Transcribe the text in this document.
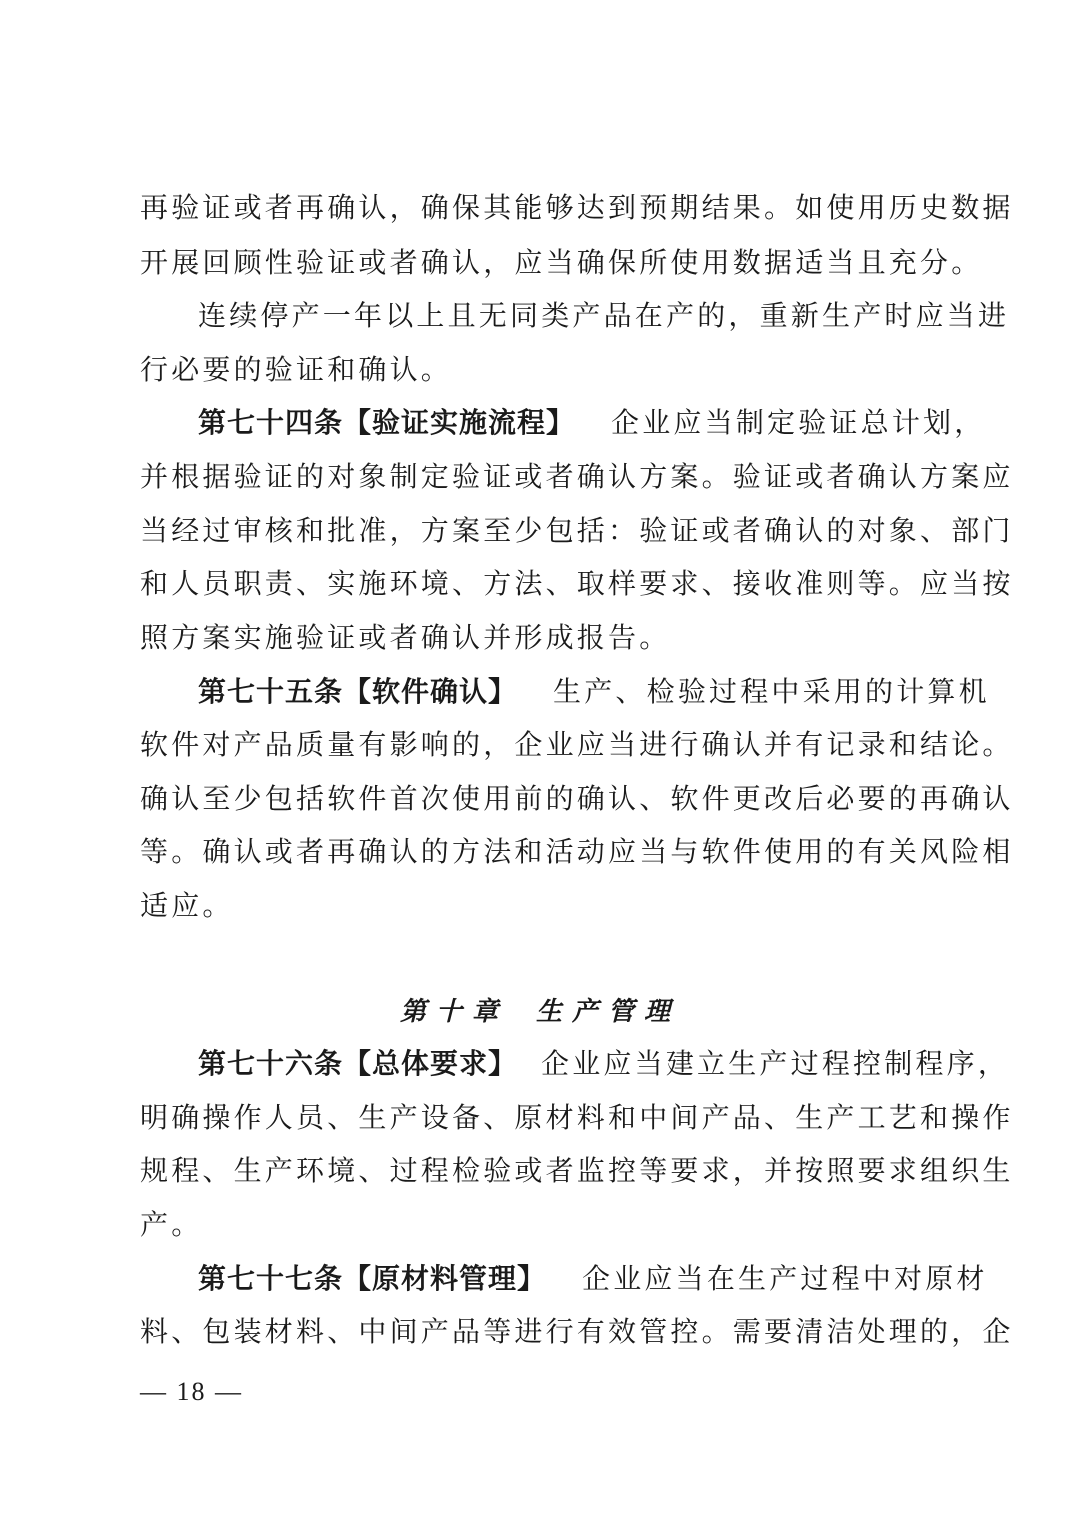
再验证或者再确认，确保其能够达到预期结果。如使用历史数据
开展回顾性验证或者确认，应当确保所使用数据适当且充分。
连续停产一年以上且无同类产品在产的，重新生产时应当进
行必要的验证和确认。
第七十四条【验证实施流程】 企业应当制定验证总计划，
并根据验证的对象制定验证或者确认方案。验证或者确认方案应
当经过审核和批准，方案至少包括：验证或者确认的对象、部门
和人员职责、实施环境、方法、取样要求、接收准则等。应当按
照方案实施验证或者确认并形成报告。
第七十五条【软件确认】 生产、检验过程中采用的计算机
软件对产品质量有影响的，企业应当进行确认并有记录和结论。
确认至少包括软件首次使用前的确认、软件更改后必要的再确认
等。确认或者再确认的方法和活动应当与软件使用的有关风险相
适应。
第十章 生产管理
第七十六条【总体要求】 企业应当建立生产过程控制程序，
明确操作人员、生产设备、原材料和中间产品、生产工艺和操作
规程、生产环境、过程检验或者监控等要求，并按照要求组织生
产。
第七十七条【原材料管理】 企业应当在生产过程中对原材
料、包装材料、中间产品等进行有效管控。需要清洁处理的，企
— 18 —
